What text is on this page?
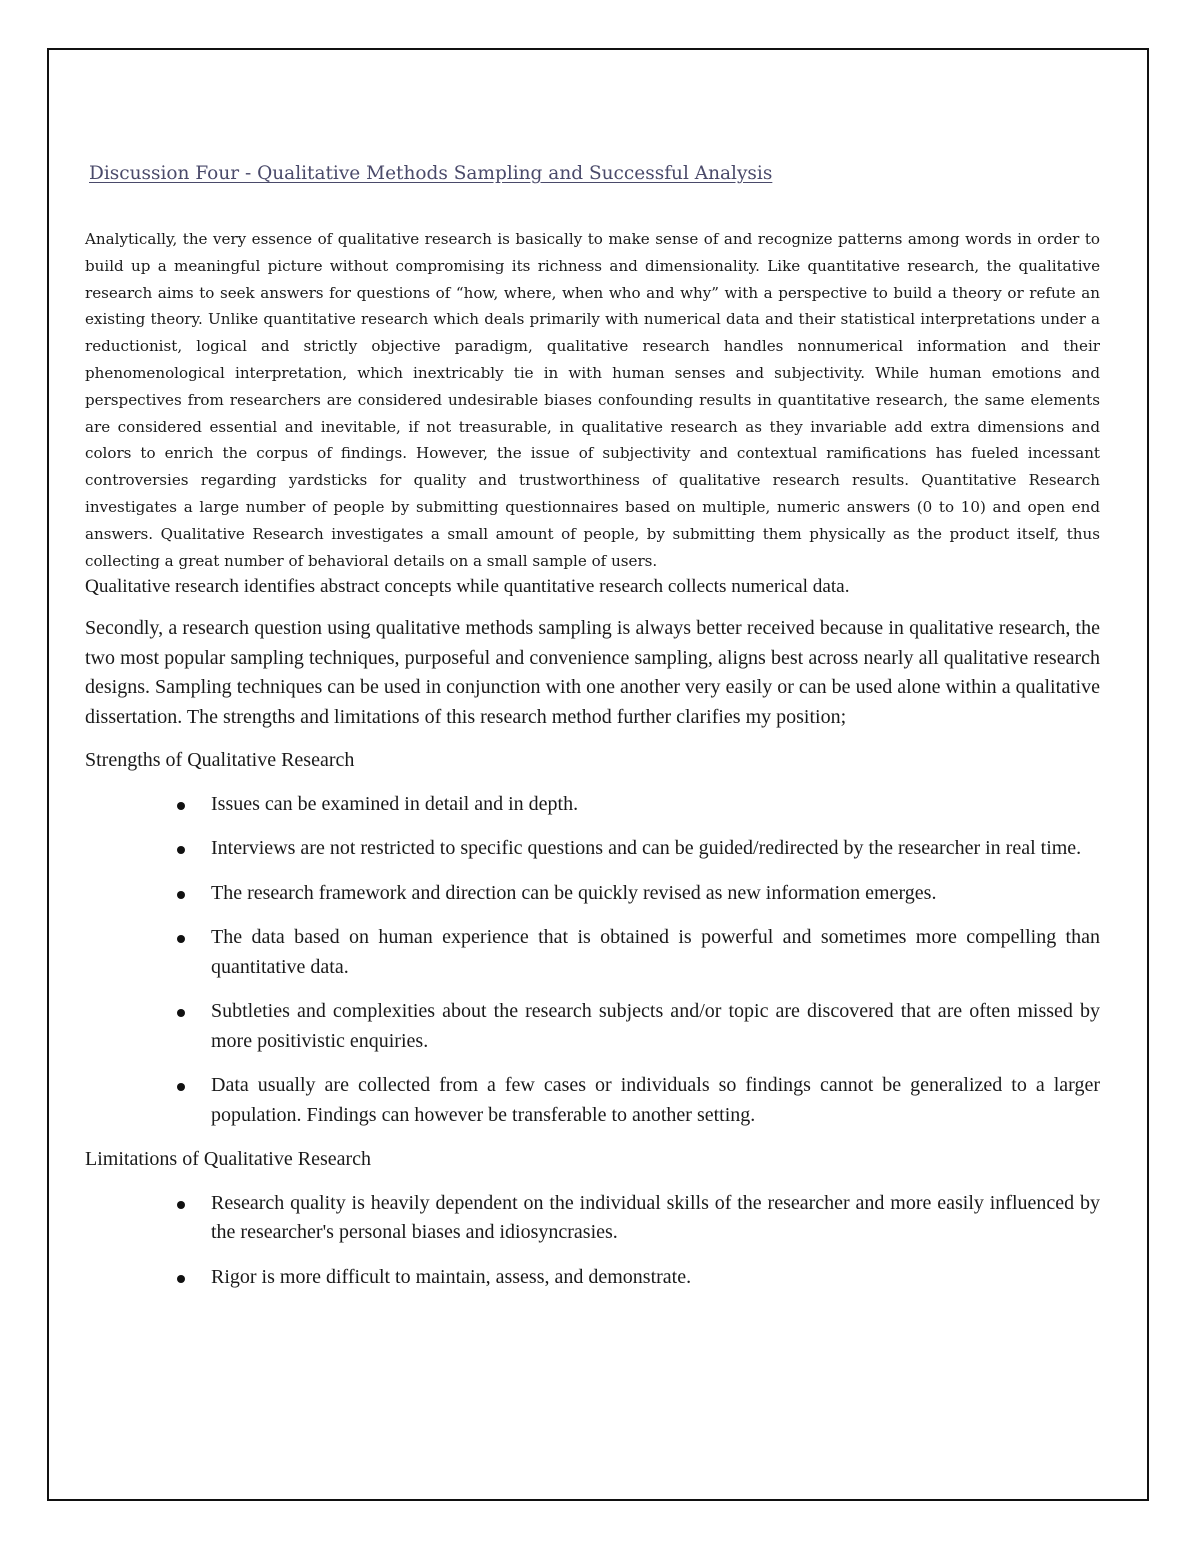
Discussion Four - Qualitative Methods Sampling and Successful Analysis

Analytically, the very essence of qualitative research is basically to make sense of and recognize patterns among words in order to build up a meaningful picture without compromising its richness and dimensionality. Like quantitative research, the qualitative research aims to seek answers for questions of “how, where, when who and why” with a perspective to build a theory or refute an existing theory. Unlike quantitative research which deals primarily with numerical data and their statistical interpretations under a reductionist, logical and strictly objective paradigm, qualitative research handles nonnumerical information and their phenomenological interpretation, which inextricably tie in with human senses and subjectivity. While human emotions and perspectives from researchers are considered undesirable biases confounding results in quantitative research, the same elements are considered essential and inevitable, if not treasurable, in qualitative research as they invariable add extra dimensions and colors to enrich the corpus of findings. However, the issue of subjectivity and contextual ramifications has fueled incessant controversies regarding yardsticks for quality and trustworthiness of qualitative research results. Quantitative Research investigates a large number of people by submitting questionnaires based on multiple, numeric answers (0 to 10) and open end answers. Qualitative Research investigates a small amount of people, by submitting them physically as the product itself, thus collecting a great number of behavioral details on a small sample of users.

Qualitative research identifies abstract concepts while quantitative research collects numerical data.

Secondly, a research question using qualitative methods sampling is always better received because in qualitative research, the two most popular sampling techniques, purposeful and convenience sampling, aligns best across nearly all qualitative research designs. Sampling techniques can be used in conjunction with one another very easily or can be used alone within a qualitative dissertation. The strengths and limitations of this research method further clarifies my position;

Strengths of Qualitative Research

Issues can be examined in detail and in depth.
Interviews are not restricted to specific questions and can be guided/redirected by the researcher in real time.
The research framework and direction can be quickly revised as new information emerges.
The data based on human experience that is obtained is powerful and sometimes more compelling than quantitative data.
Subtleties and complexities about the research subjects and/or topic are discovered that are often missed by more positivistic enquiries.
Data usually are collected from a few cases or individuals so findings cannot be generalized to a larger population. Findings can however be transferable to another setting.

Limitations of Qualitative Research

Research quality is heavily dependent on the individual skills of the researcher and more easily influenced by the researcher's personal biases and idiosyncrasies.
Rigor is more difficult to maintain, assess, and demonstrate.
